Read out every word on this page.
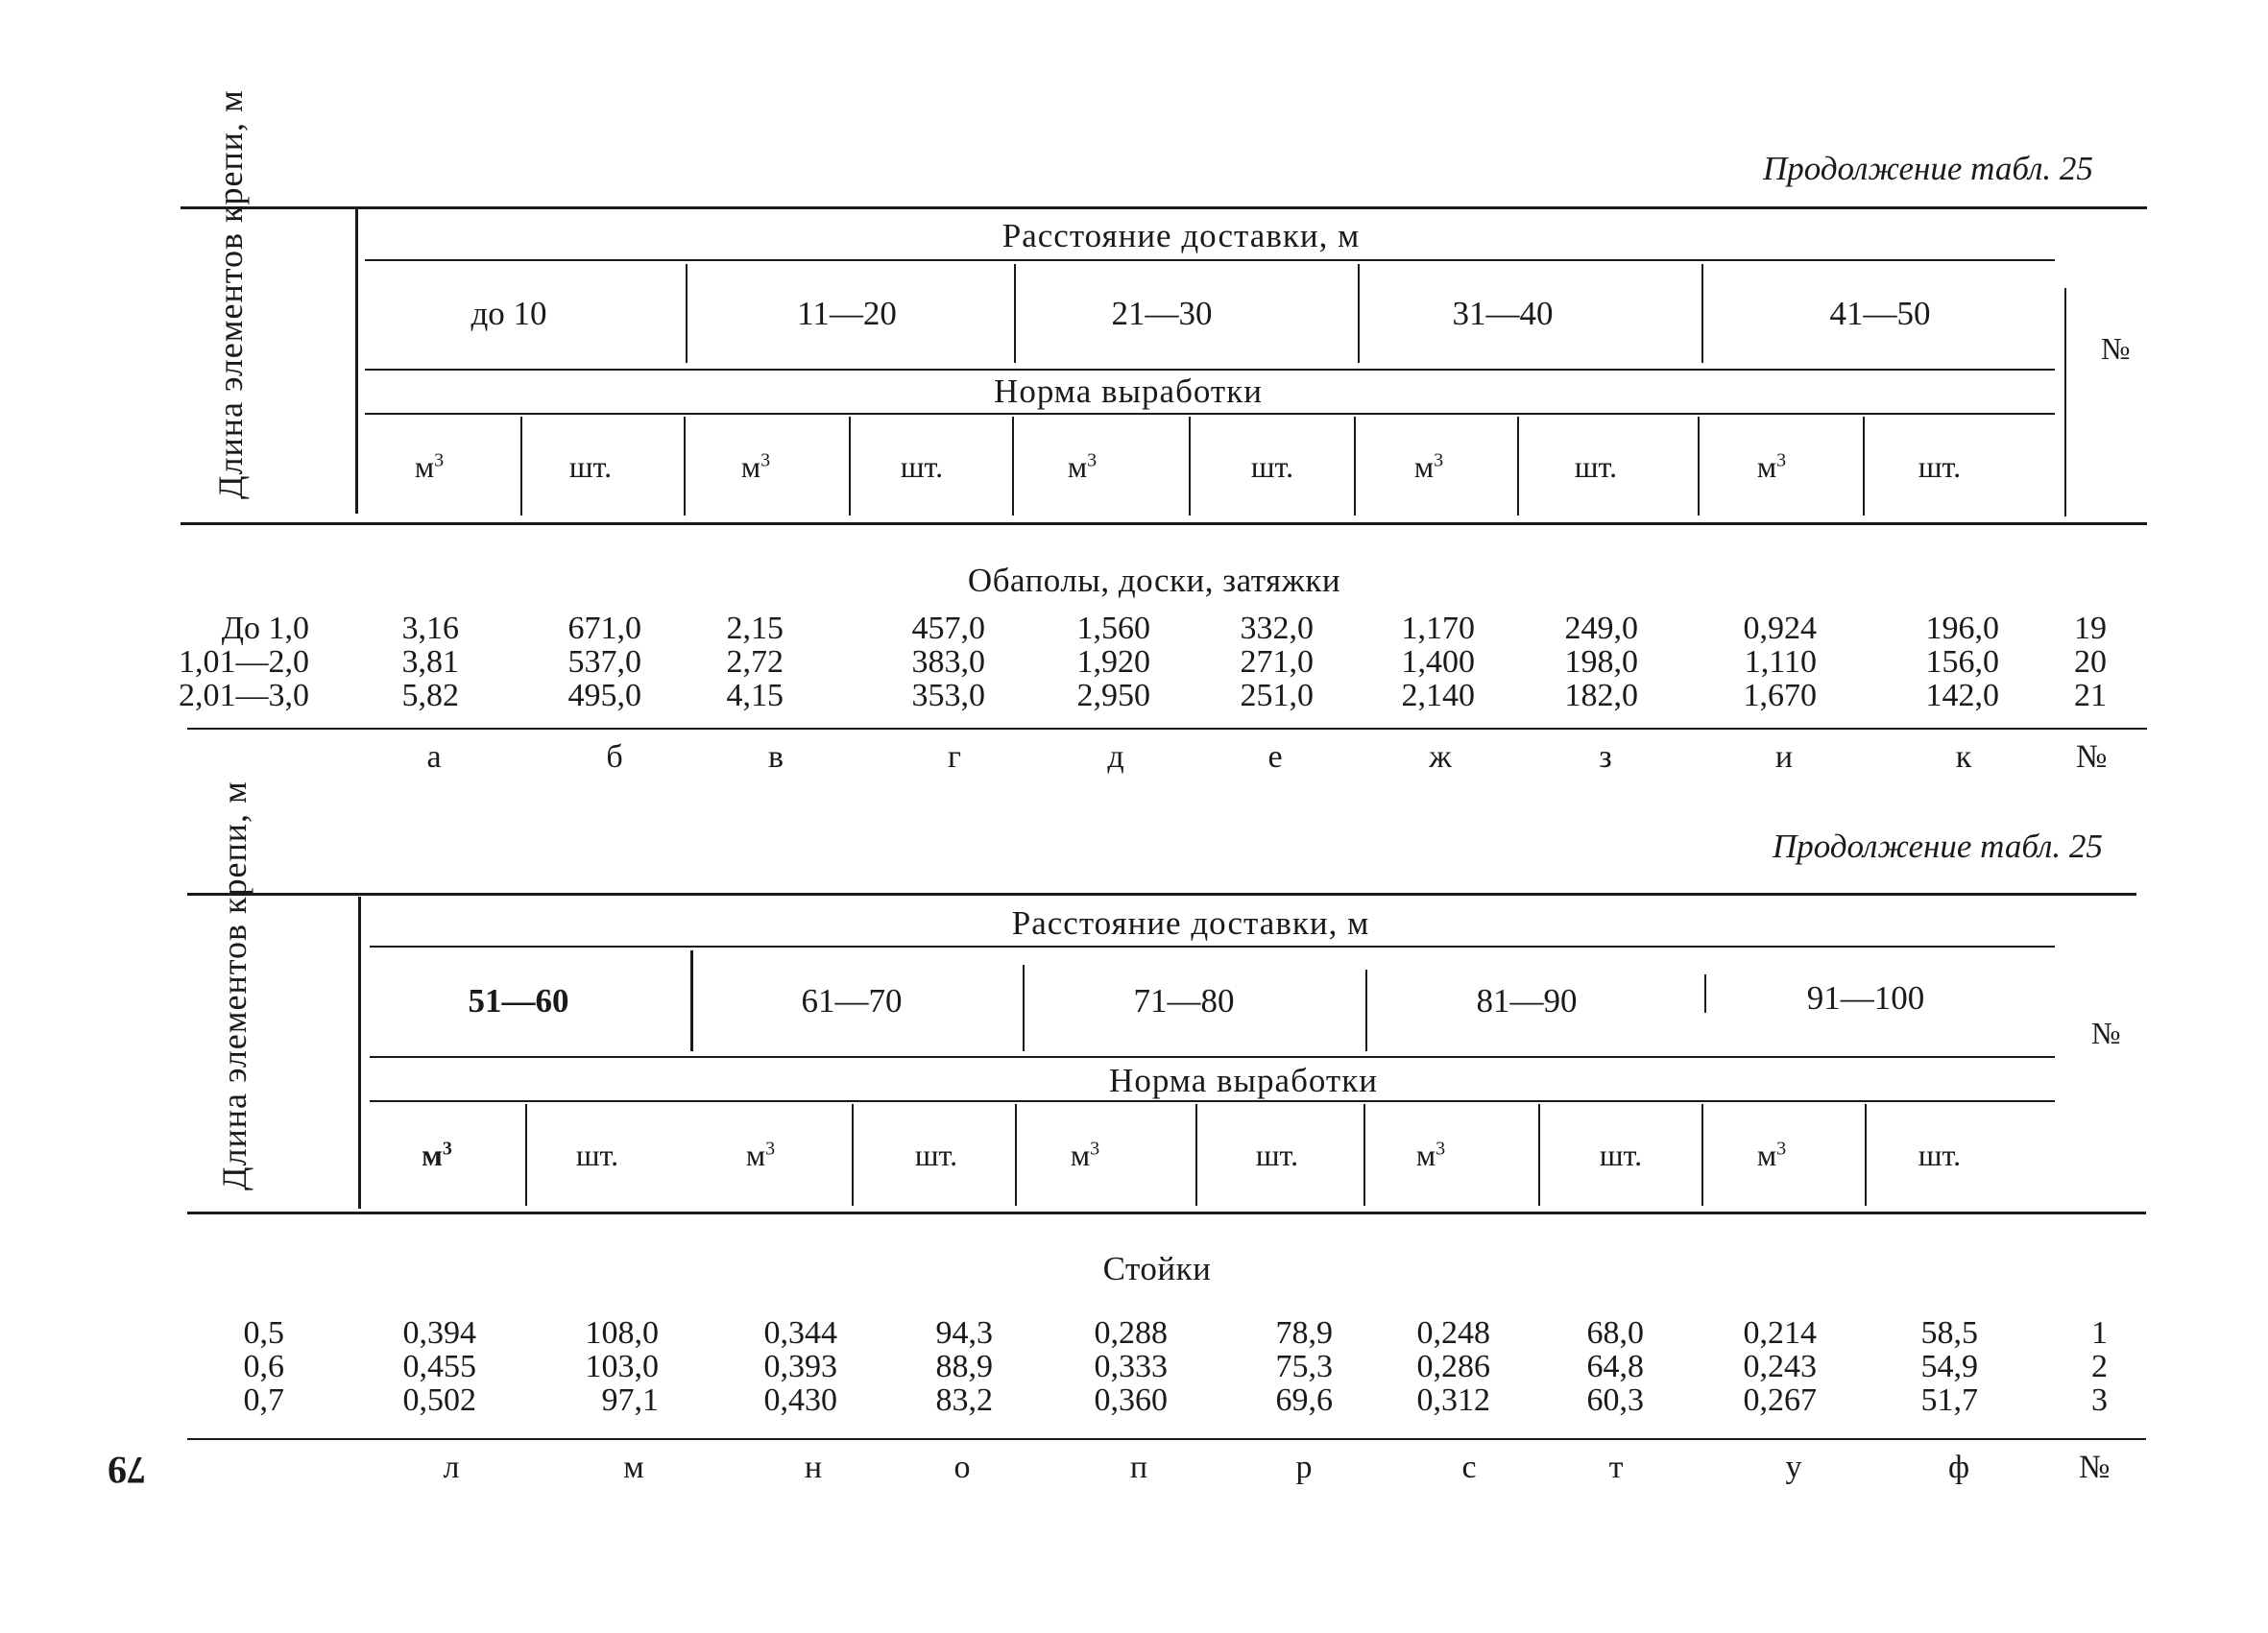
Продолжение табл. 25
Длина элементов крепи, м	Расстояние доставки, м
до 10	11—20	21—30	31—40	41—50
Норма выработки
№
$м^3$	шт.	$м^3$	шт.	$м^3$	шт.	$м^3$	шт.	$м^3$	шт.
Обаполы, доски, затяжки
До 1,0	3,16	671,0	2,15	457,0	1,560	332,0	1,170	249,0	0,924	196,0 19
1,01—2,0	3,81	537,0	2,72	383,0	1,920	271,0	1,400	198,0	1,110	156,0 20
2,01—3,0	5,82	495,0	4,15	353,0	2,950	251,0	2,140	182,0	1,670	142,0 21
а	б	в	г	д	е	ж	з	и	к	№
Продолжение табл. 25
Длина элементов крепи, м	Расстояние доставки, м
51—60	61—70	71—80	81—90	91—100
Норма выработки
№
$м^3$	шт.	$м^3$	шт.	$м^3$	шт.	$м^3$	шт.	$м^3$	шт.
Стойки
0,5	0,394	108,0	0,344	94,3	0,288	78,9	0,248	68,0	0,214	58,5	1
0,6	0,455	103,0	0,393	88,9	0,333	75,3	0,286	64,8	0,243	54,9	2
0,7	0,502	97,1	0,430	83,2	0,360	69,6	0,312	60,3	0,267	51,7	3
л	м	н	о	п	р	с	т	у	ф	№
79
